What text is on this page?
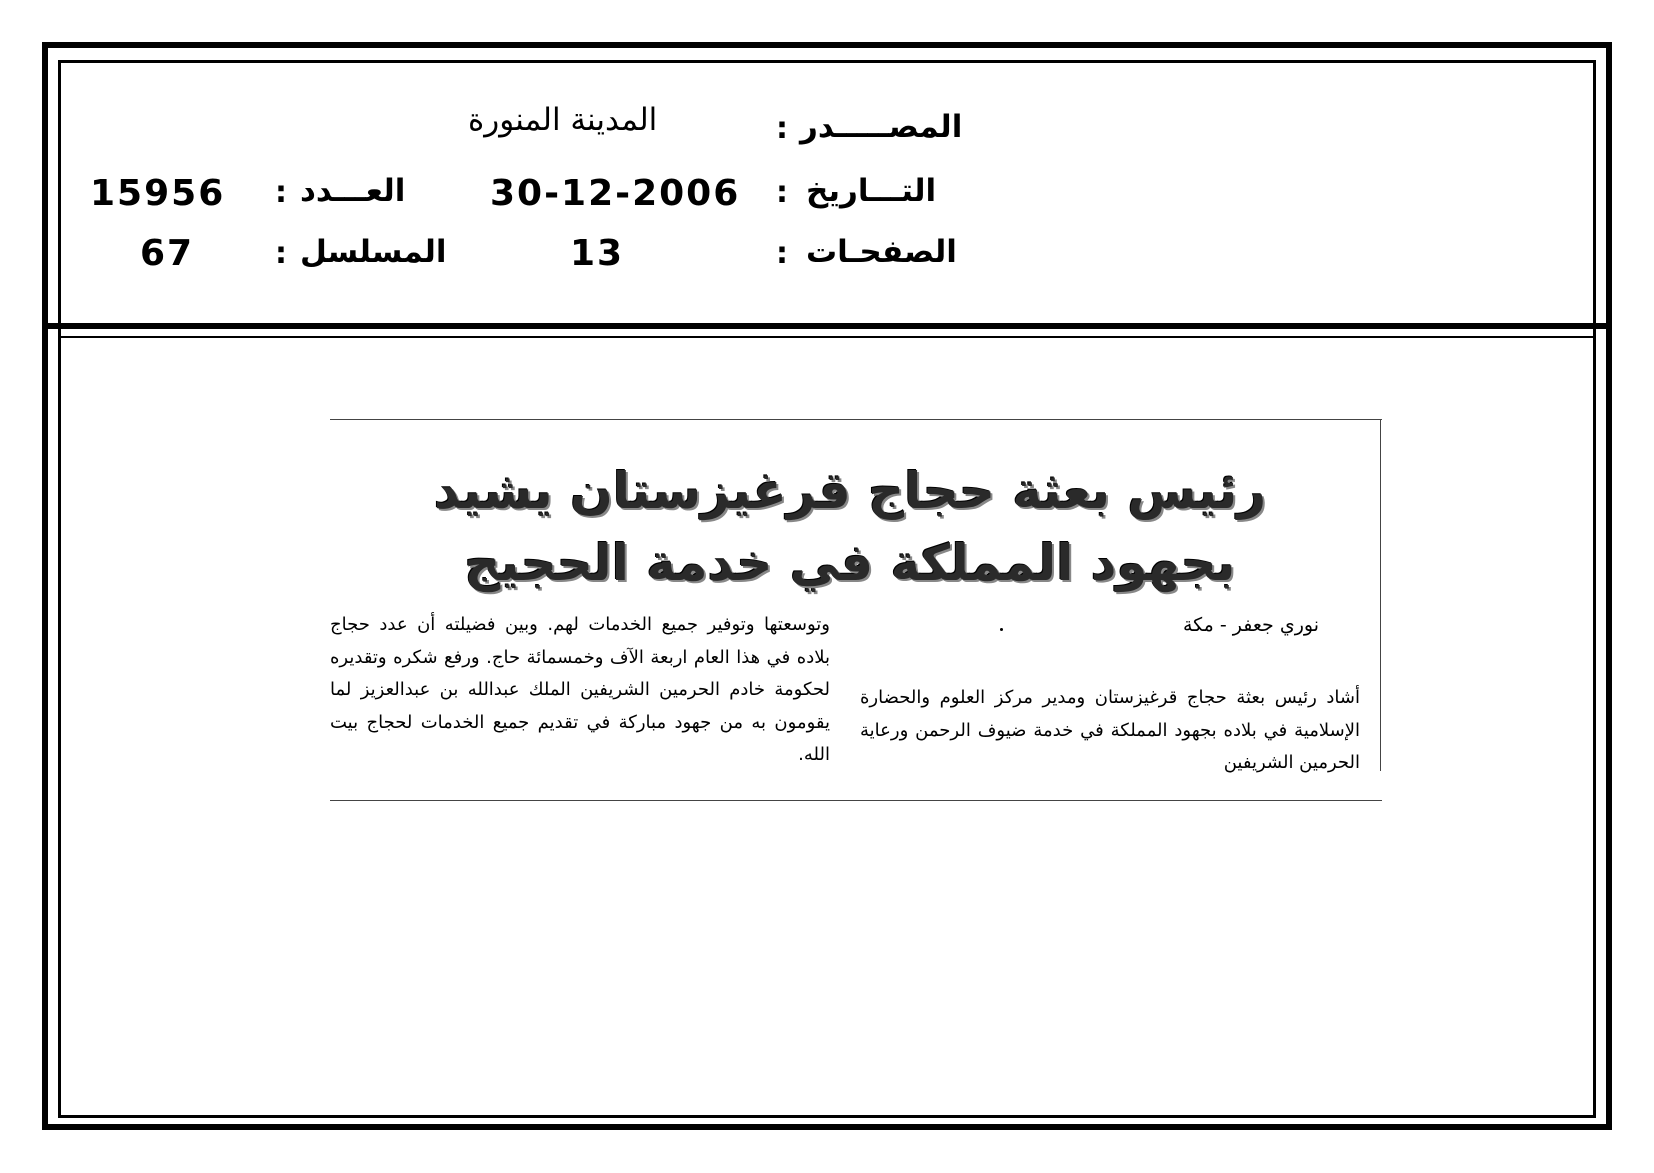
المصـــــدر
:
المدينة المنورة
التـــاريخ
:
30-12-2006
العـــدد
:
15956
الصفحـات
:
13
المسلسل
:
67
رئيس بعثة حجاج قرغيزستان يشيد
بجهود المملكة في خدمة الحجيج
نوري جعفر - مكة
أشاد رئيس بعثة حجاج قرغيزستان ومدير مركز العلوم والحضارة الإسلامية في بلاده بجهود المملكة في خدمة ضيوف الرحمن ورعاية الحرمين الشريفين
وتوسعتها وتوفير جميع الخدمات لهم. وبين فضيلته أن عدد حجاج بلاده في هذا العام اربعة الآف وخمسمائة حاج. ورفع شكره وتقديره لحكومة خادم الحرمين الشريفين الملك عبدالله بن عبدالعزيز لما يقومون به من جهود مباركة في تقديم جميع الخدمات لحجاج بيت الله.
